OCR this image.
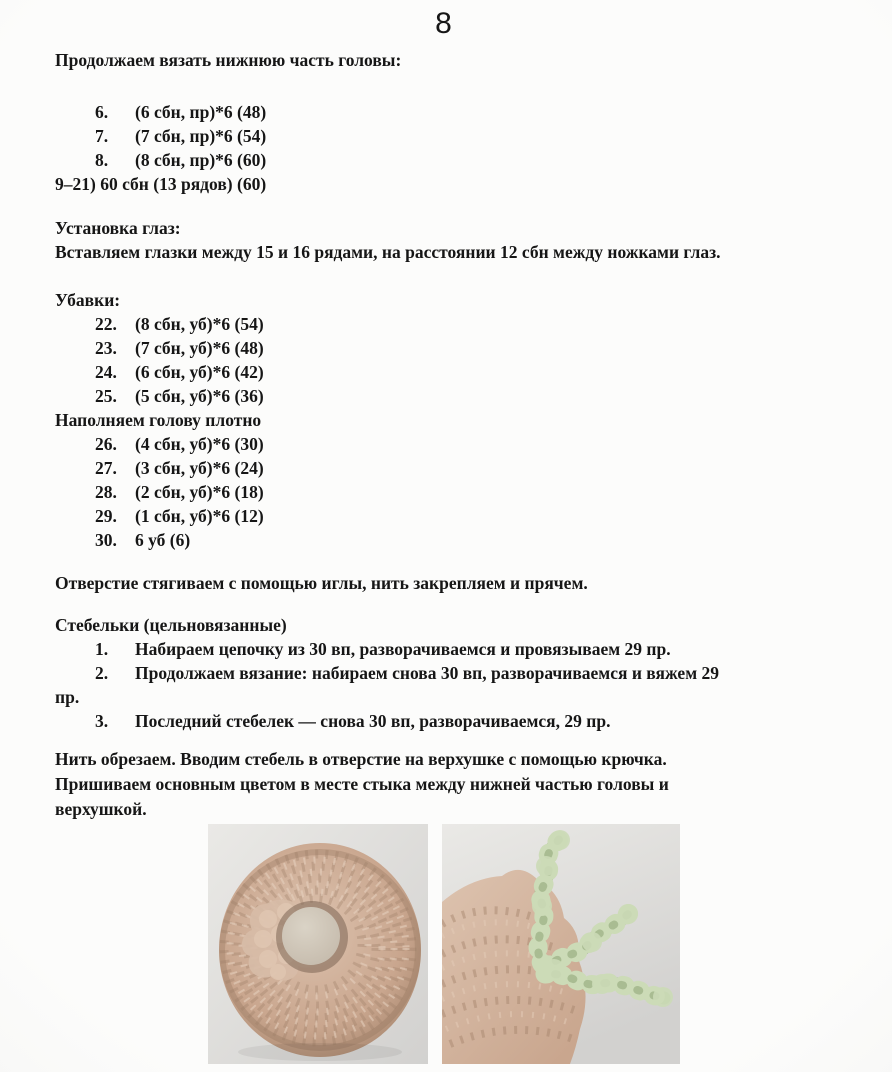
8

Продолжаем вязать нижнюю часть головы:

6.	(6 сбн, пр)*6 (48)
7.	(7 сбн, пр)*6 (54)
8.	(8 сбн, пр)*6 (60)
9–21) 60 сбн (13 рядов) (60)

Установка глаз:

Вставляем глазки между 15 и 16 рядами, на расстоянии 12 сбн между ножками глаз.

Убавки:

22.	(8 сбн, уб)*6 (54)
23.	(7 сбн, уб)*6 (48)
24.	(6 сбн, уб)*6 (42)
25.	(5 сбн, уб)*6 (36)

Наполняем голову плотно

26.	(4 сбн, уб)*6 (30)
27.	(3 сбн, уб)*6 (24)
28.	(2 сбн, уб)*6 (18)
29.	(1 сбн, уб)*6 (12)
30.	6 уб (6)
Отверстие стягиваем с помощью иглы, нить закрепляем и прячем.

Стебельки (цельновязанные)

1.	Набираем цепочку из 30 вп, разворачиваемся и провязываем 29 пр.
2.	Продолжаем вязание: набираем снова 30 вп, разворачиваемся и вяжем 29
пр.
3.	Последний стебелек — снова 30 вп, разворачиваемся, 29 пр.
Нить обрезаем. Вводим стебель в отверстие на верхушке с помощью крючка.
Пришиваем основным цветом в месте стыка между нижней частью головы и
верхушкой.
